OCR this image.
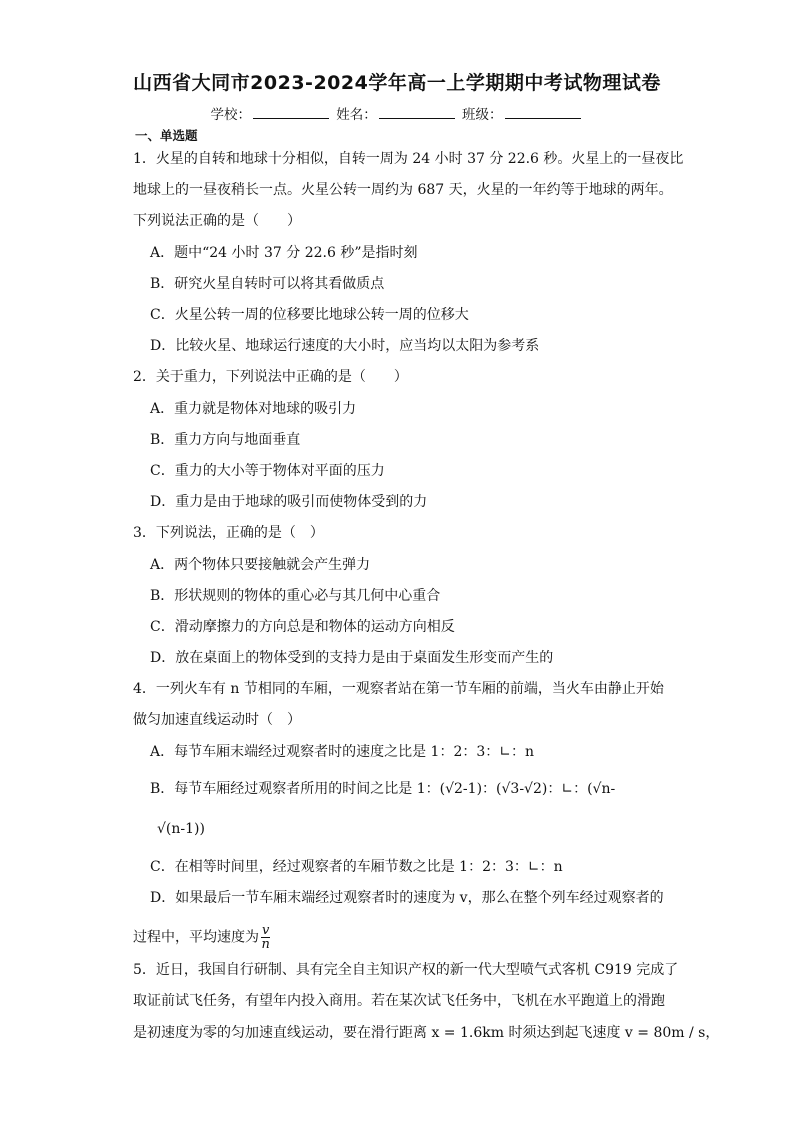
山西省大同市2023-2024学年高一上学期期中考试物理试卷
学校：	姓名：	班级：
一、单选题
1．火星的自转和地球十分相似，自转一周为 24 小时 37 分 22.6 秒。火星上的一昼夜比
地球上的一昼夜稍长一点。火星公转一周约为 687 天，火星的一年约等于地球的两年。
下列说法正确的是（　　）
A．题中“24 小时 37 分 22.6 秒”是指时刻
B．研究火星自转时可以将其看做质点
C．火星公转一周的位移要比地球公转一周的位移大
D．比较火星、地球运行速度的大小时，应当均以太阳为参考系
2．关于重力，下列说法中正确的是（　　）
A．重力就是物体对地球的吸引力
B．重力方向与地面垂直
C．重力的大小等于物体对平面的压力
D．重力是由于地球的吸引而使物体受到的力
3．下列说法，正确的是（　）
A．两个物体只要接触就会产生弹力
B．形状规则的物体的重心必与其几何中心重合
C．滑动摩擦力的方向总是和物体的运动方向相反
D．放在桌面上的物体受到的支持力是由于桌面发生形变而产生的
4．一列火车有 n 节相同的车厢，一观察者站在第一节车厢的前端，当火车由静止开始
做匀加速直线运动时（　）
A．每节车厢末端经过观察者时的速度之比是 1：2：3：∟：n
B．每节车厢经过观察者所用的时间之比是 1：(√2-1)：(√3-√2)：∟：(√n-
√(n-1))
C．在相等时间里，经过观察者的车厢节数之比是 1：2：3：∟：n
D．如果最后一节车厢末端经过观察者时的速度为 v，那么在整个列车经过观察者的
过程中，平均速度为 $\frac{v}{n}$
5．近日，我国自行研制、具有完全自主知识产权的新一代大型喷气式客机 C919 完成了
取证前试飞任务，有望年内投入商用。若在某次试飞任务中，飞机在水平跑道上的滑跑
是初速度为零的匀加速直线运动，要在滑行距离 x = 1.6km 时须达到起飞速度 v = 80m / s，
